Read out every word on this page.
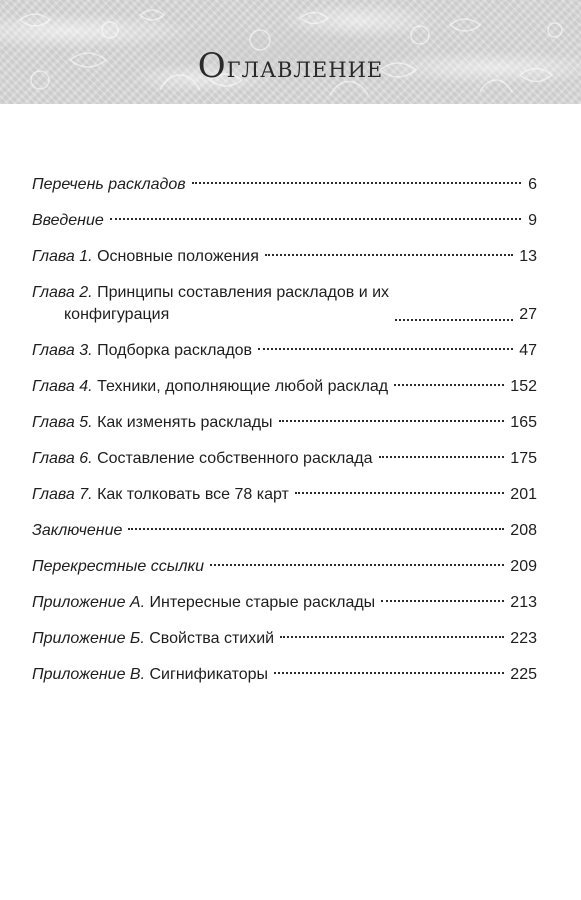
Оглавление
Перечень раскладов	6
Введение	9
Глава 1. Основные положения	13
Глава 2. Принципы составления раскладов и их
конфигурация	27
Глава 3. Подборка раскладов	47
Глава 4. Техники, дополняющие любой расклад	152
Глава 5. Как изменять расклады	165
Глава 6. Составление собственного расклада	175
Глава 7. Как толковать все 78 карт	201
Заключение	208
Перекрестные ссылки	209
Приложение А. Интересные старые расклады	213
Приложение Б. Свойства стихий	223
Приложение В. Сигнификаторы	225
